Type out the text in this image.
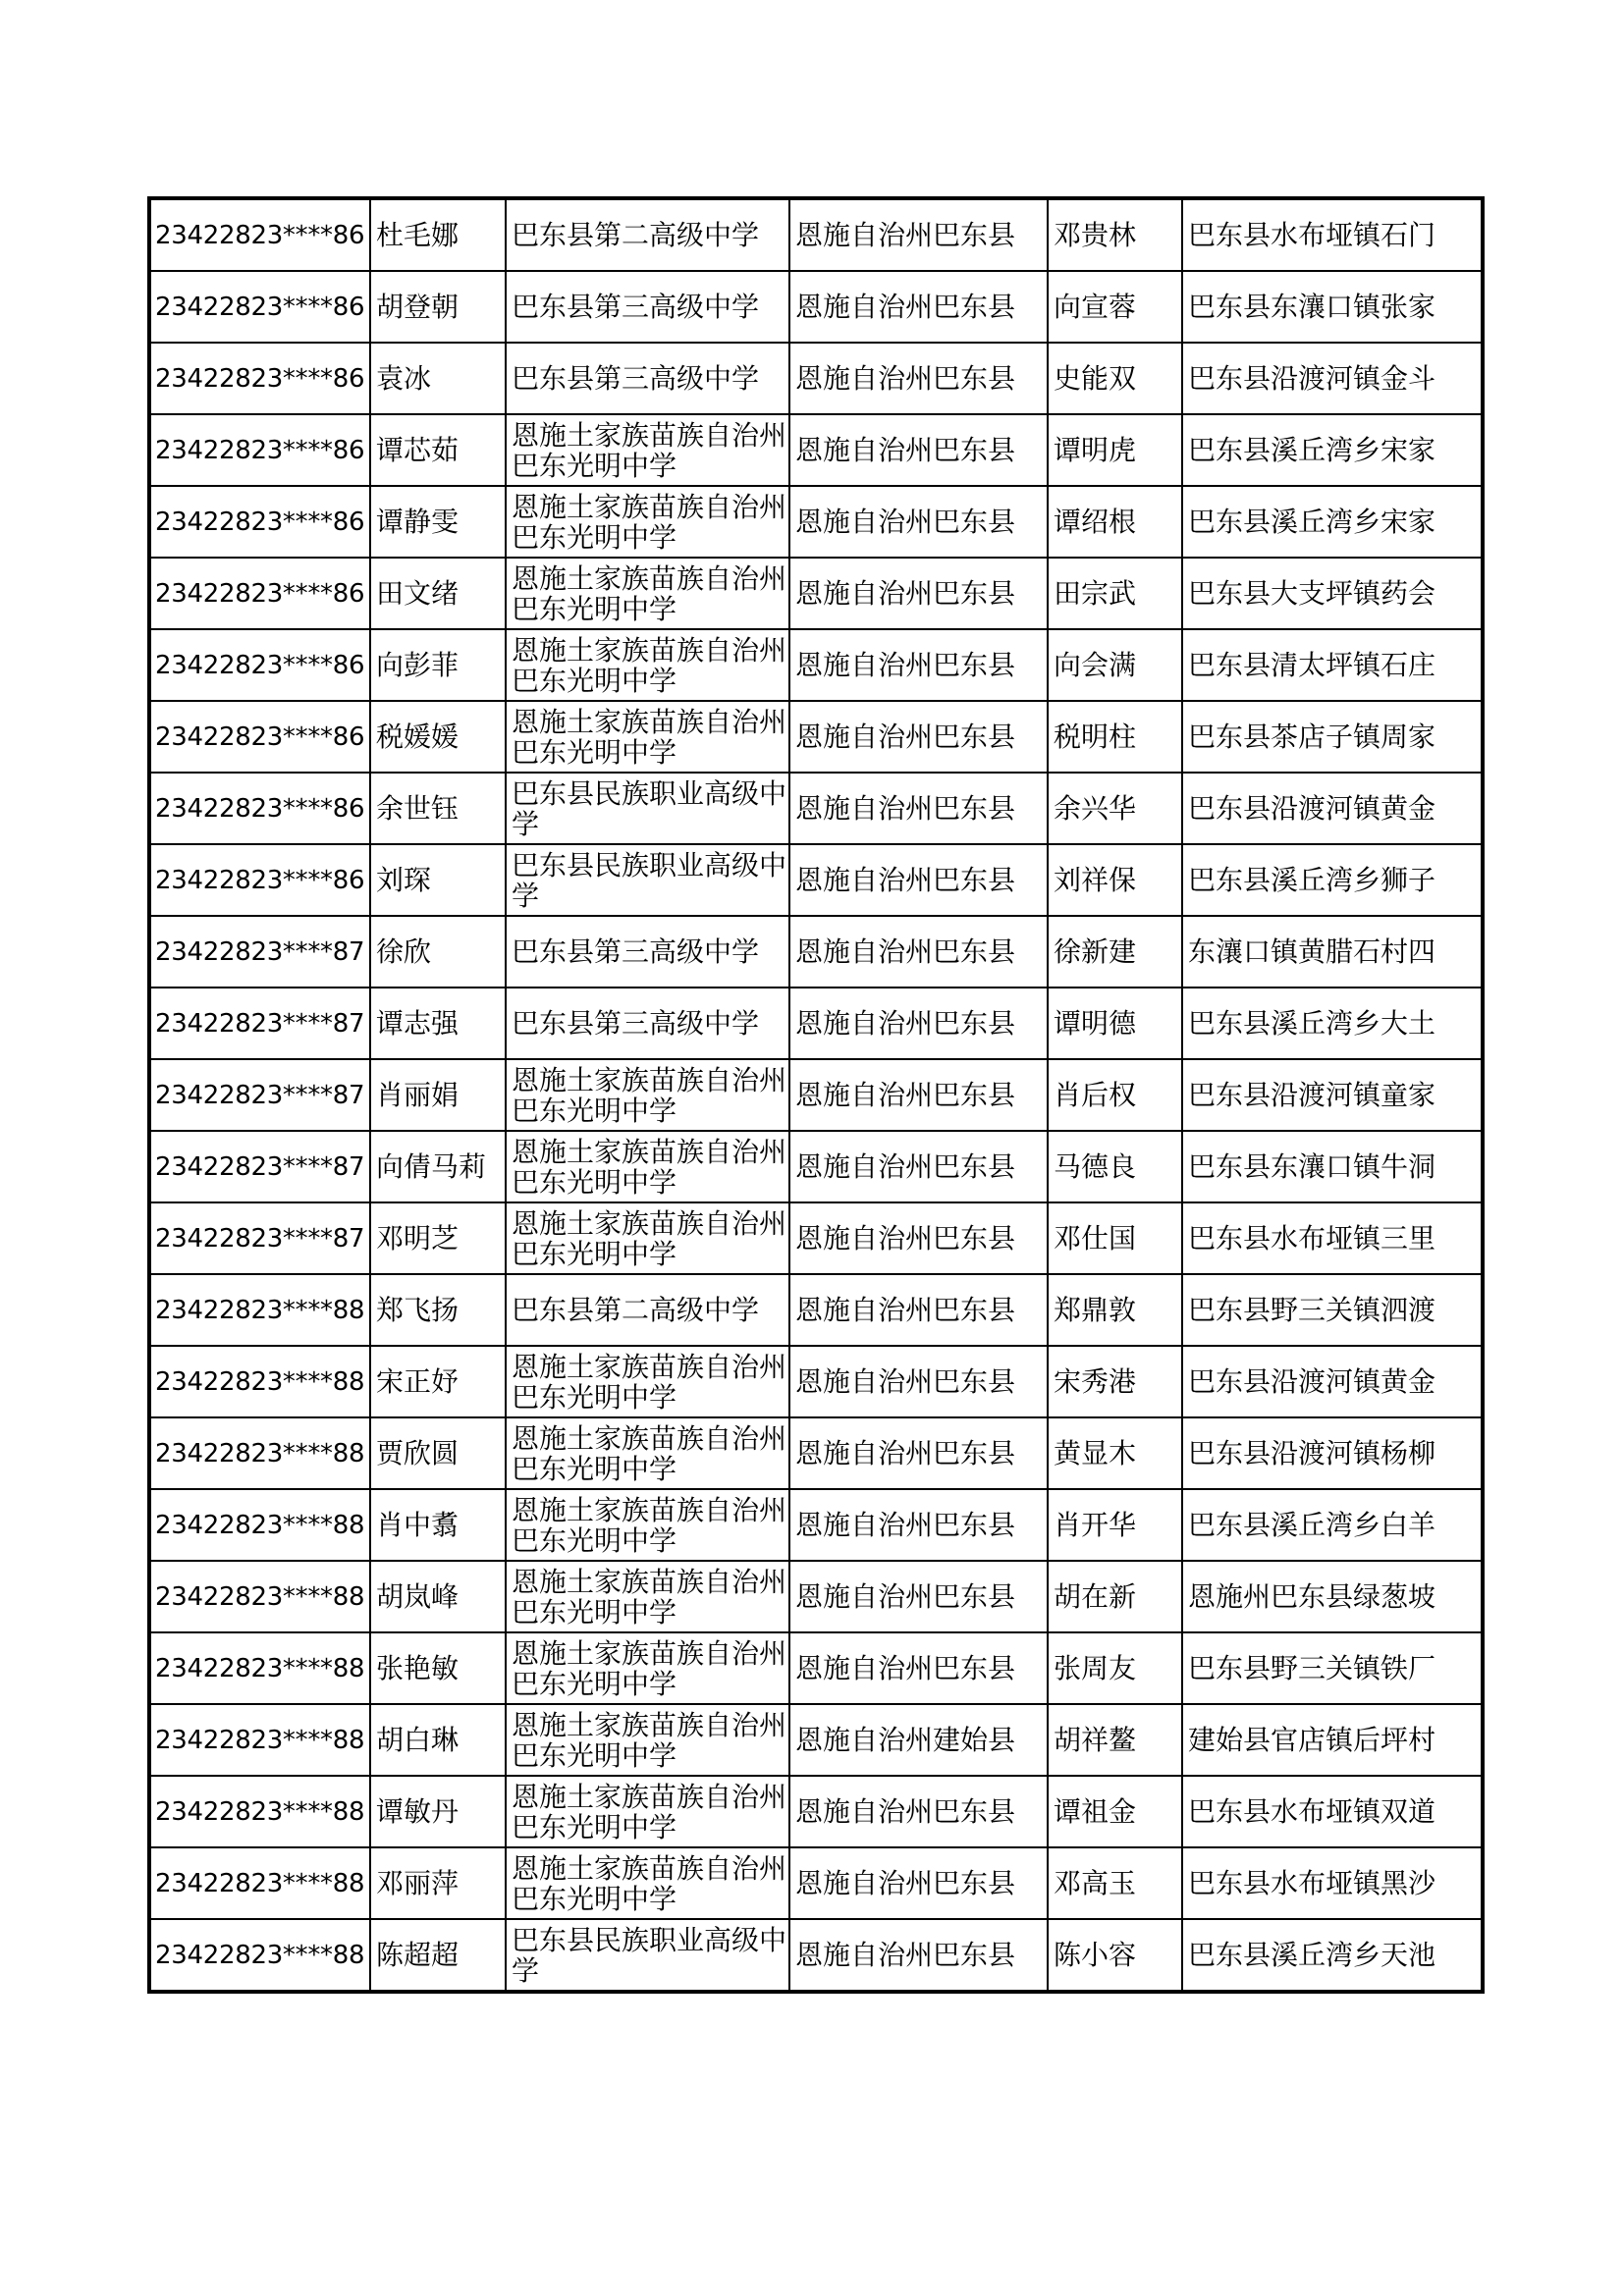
23422823****86	杜毛娜	巴东县第二高级中学	恩施自治州巴东县	邓贵林	巴东县水布垭镇石门
23422823****86	胡登朝	巴东县第三高级中学	恩施自治州巴东县	向宣蓉	巴东县东瀼口镇张家
23422823****86	袁冰	巴东县第三高级中学	恩施自治州巴东县	史能双	巴东县沿渡河镇金斗
23422823****86	谭芯茹	恩施土家族苗族自治州巴东光明中学	恩施自治州巴东县	谭明虎	巴东县溪丘湾乡宋家
23422823****86	谭静雯	恩施土家族苗族自治州巴东光明中学	恩施自治州巴东县	谭绍根	巴东县溪丘湾乡宋家
23422823****86	田文绪	恩施土家族苗族自治州巴东光明中学	恩施自治州巴东县	田宗武	巴东县大支坪镇药会
23422823****86	向彭菲	恩施土家族苗族自治州巴东光明中学	恩施自治州巴东县	向会满	巴东县清太坪镇石庄
23422823****86	税媛媛	恩施土家族苗族自治州巴东光明中学	恩施自治州巴东县	税明柱	巴东县茶店子镇周家
23422823****86	余世钰	巴东县民族职业高级中学	恩施自治州巴东县	余兴华	巴东县沿渡河镇黄金
23422823****86	刘琛	巴东县民族职业高级中学	恩施自治州巴东县	刘祥保	巴东县溪丘湾乡狮子
23422823****87	徐欣	巴东县第三高级中学	恩施自治州巴东县	徐新建	东瀼口镇黄腊石村四
23422823****87	谭志强	巴东县第三高级中学	恩施自治州巴东县	谭明德	巴东县溪丘湾乡大土
23422823****87	肖丽娟	恩施土家族苗族自治州巴东光明中学	恩施自治州巴东县	肖后权	巴东县沿渡河镇童家
23422823****87	向倩马莉	恩施土家族苗族自治州巴东光明中学	恩施自治州巴东县	马德良	巴东县东瀼口镇牛洞
23422823****87	邓明芝	恩施土家族苗族自治州巴东光明中学	恩施自治州巴东县	邓仕国	巴东县水布垭镇三里
23422823****88	郑飞扬	巴东县第二高级中学	恩施自治州巴东县	郑鼎敦	巴东县野三关镇泗渡
23422823****88	宋正妤	恩施土家族苗族自治州巴东光明中学	恩施自治州巴东县	宋秀港	巴东县沿渡河镇黄金
23422823****88	贾欣圆	恩施土家族苗族自治州巴东光明中学	恩施自治州巴东县	黄显木	巴东县沿渡河镇杨柳
23422823****88	肖中翥	恩施土家族苗族自治州巴东光明中学	恩施自治州巴东县	肖开华	巴东县溪丘湾乡白羊
23422823****88	胡岚峰	恩施土家族苗族自治州巴东光明中学	恩施自治州巴东县	胡在新	恩施州巴东县绿葱坡
23422823****88	张艳敏	恩施土家族苗族自治州巴东光明中学	恩施自治州巴东县	张周友	巴东县野三关镇铁厂
23422823****88	胡白琳	恩施土家族苗族自治州巴东光明中学	恩施自治州建始县	胡祥鳌	建始县官店镇后坪村
23422823****88	谭敏丹	恩施土家族苗族自治州巴东光明中学	恩施自治州巴东县	谭祖金	巴东县水布垭镇双道
23422823****88	邓丽萍	恩施土家族苗族自治州巴东光明中学	恩施自治州巴东县	邓高玉	巴东县水布垭镇黑沙
23422823****88	陈超超	巴东县民族职业高级中学	恩施自治州巴东县	陈小容	巴东县溪丘湾乡天池
